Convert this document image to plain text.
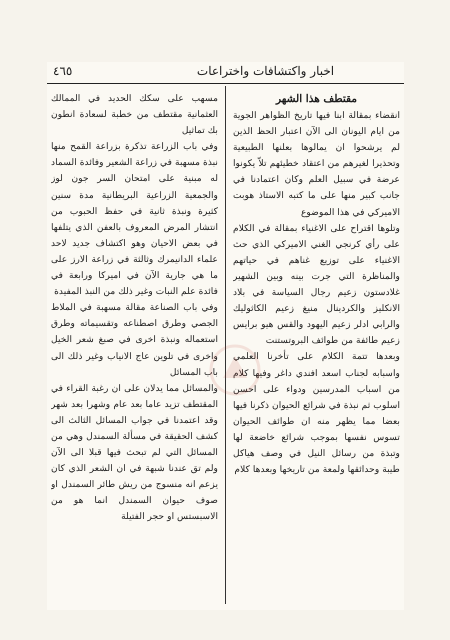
٤٦٥	اخبار واكتشافات واختراعات
مقتطف هذا الشهر
انقضاء بمقالة ابنا فيها تاريخ الظواهر الجوية من ايام اليونان الى الآن اعتبار الحظ الذين لم يرشحوا ان يمالوها بعلنها الطبيعية وتحذيرا لغيرهم من اعتقاد خطيئهم تلاّ يكونوا عرضة في سبيل العلم وكان اعتمادنا في جانب كبير منها على ما كتبه الاستاذ هوبت الاميركي في هذا الموضوع
وتلوها اقتراح على الاغنياء بمقالة في الكلام على رأي كرنجي الغني الاميركي الذي حث الاغنياء على توزيع غناهم في حياتهم والمناظرة التي جرت بينه وبين الشهير غلادستون زعيم رجال السياسة في بلاد الانكليز والكردينال منيغ زعيم الكاثوليك والرابي ادلر زعيم اليهود والقس هيو برايس زعيم طائفة من طوائف البروتستنت
وبعدها تتمة الكلام على تأخرنا العلمي واسبابه لجناب اسعد افندي داغر وفيها كلام من اسباب المدرسين ودواء على احسن اسلوب ثم نبذة في شرائع الحيوان ذكرنا فيها بعضا مما يظهر منه ان طوائف الحيوان تسوس نفسها بموجب شرائع خاضعة لها وتبذة من رسائل النيل في وصف هياكل طيبة وحدائقها ولمعة من تاريخها وبعدها كلام
مسهب على سكك الحديد في الممالك العثمانية مقتطف من خطبة لسعادة انطون بك تماثيل
وفي باب الزراعة تذكرة بزراعة القمح منها نبذة مسهبة في زراعة الشعير وفائدة السماد له مبنية على امتحان السر جون لوز والجمعية الزراعية البريطانية مدة سنين كثيرة ونبذة ثانية في حفظ الحبوب من انتشار المرض المعروف بالعفن الذي يتلفها في بعض الاحيان وهو اكتشاف جديد لاحد علماء الدانيمرك وثالثة في زراعة الارز على ما هي جارية الآن في اميركا ورابعة في فائدة علم النبات وغير ذلك من النبذ المفيدة
وفي باب الصناعة مقالة مسهبة في الملاط الجصي وطرق اصطناعه وتقسيماته وطرق استعماله ونبذة اخرى في صبغ شعر الخيل واخرى في تلوين عاج الانياب وغير ذلك الى باب المسائل
والمسائل مما يدلان على ان رغبة القراء في المقتطف تزيد عاما بعد عام وشهرا بعد شهر وقد اعتمدنا في جواب المسائل الثالث الى كشف الحقيقة في مسألة السمندل وهي من المسائل التي لم تبحث فيها قبلا الى الآن ولم تق عندنا شبهة في ان الشعر الذي كان يزعم انه منسوج من ريش طائر السمندل او صوف حيوان السمندل انما هو من الاسبستس او حجر الفتيلة
